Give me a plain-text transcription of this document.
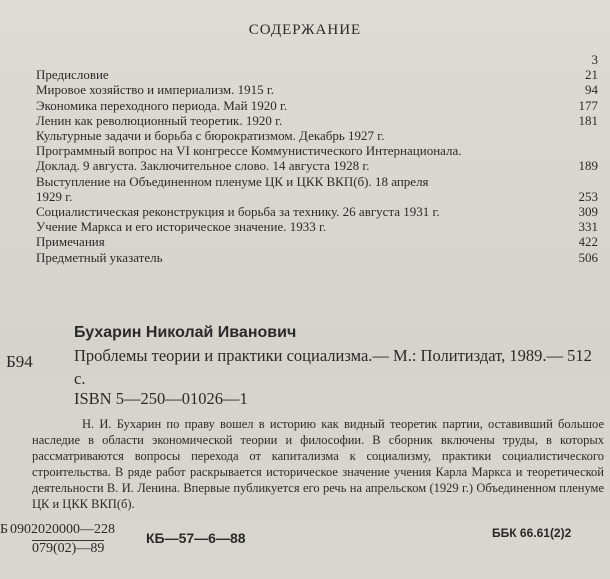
СОДЕРЖАНИЕ
3
Предисловие	21
Мировое хозяйство и империализм. 1915 г.	94
Экономика переходного периода. Май 1920 г.	177
Ленин как революционный теоретик. 1920 г.	181
Культурные задачи и борьба с бюрократизмом. Декабрь 1927 г.
Программный вопрос на VI конгрессе Коммунистического Интернационала.
Доклад. 9 августа. Заключительное слово. 14 августа 1928 г.	189
Выступление на Объединенном пленуме ЦК и ЦКК ВКП(б). 18 апреля
1929 г.	253
Социалистическая реконструкция и борьба за технику. 26 августа 1931 г.	309
Учение Маркса и его историческое значение. 1933 г.	331
Примечания	422
Предметный указатель	506
Б94
Бухарин Николай Иванович
Проблемы теории и практики социализма.— М.: Политиздат, 1989.— 512 с.
ISBN 5—250—01026—1
Н. И. Бухарин по праву вошел в историю как видный теоретик партии, оставивший большое наследие в области экономической теории и философии. В сборник включены труды, в которых рассматриваются вопросы перехода от капитализма к социализму, практики социалистического строительства. В ряде работ раскрывается историческое значение учения Карла Маркса и теоретической деятельности В. И. Ленина. Впервые публикуется его речь на апрельском (1929 г.) Объединенном пленуме ЦК и ЦКК ВКП(б).
Б 0902020000—228
079(02)—89
КБ—57—6—88	ББК 66.61(2)2
